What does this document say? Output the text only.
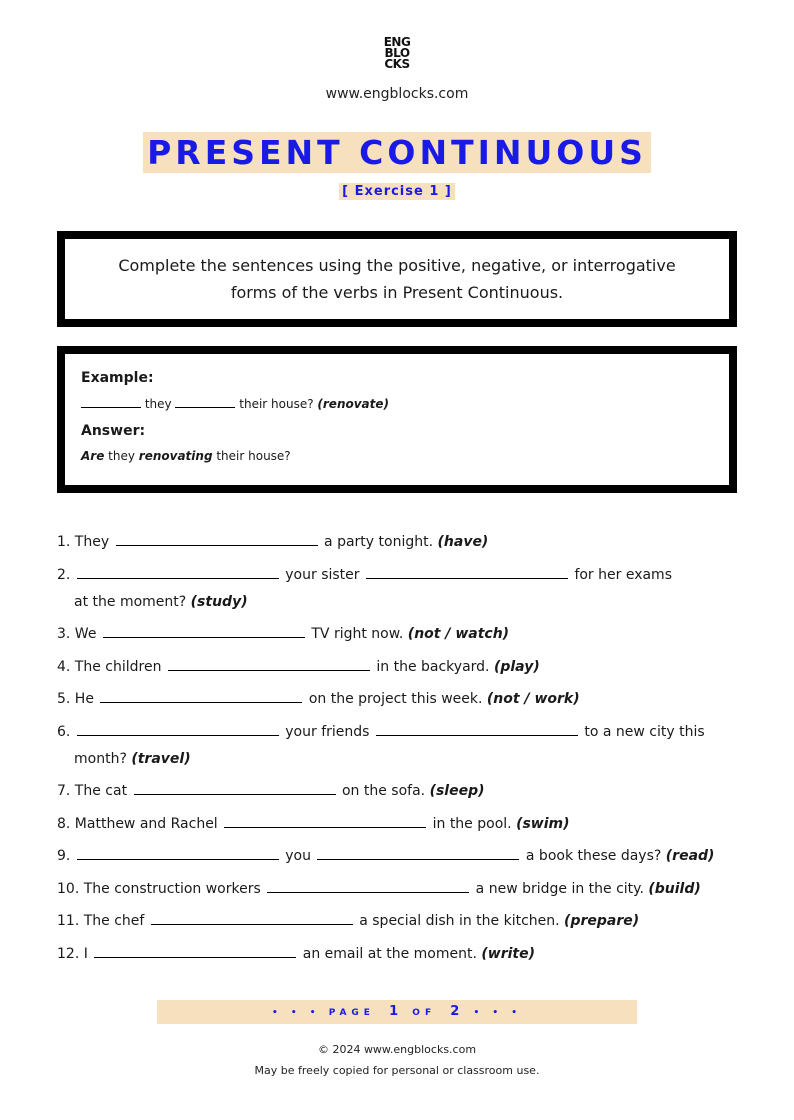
ENG
BLO
CKS
www.engblocks.com
PRESENT CONTINUOUS
[ Exercise 1 ]

Complete the sentences using the positive, negative, or interrogative forms of the verbs in Present Continuous.

Example:

they	their house? (renovate)

Answer:

Are they renovating their house?

1. They	a party tonight. (have)

2.	your sister	for her exams
at the moment? (study)

3. We	TV right now. (not / watch)

4. The children	in the backyard. (play)

5. He	on the project this week. (not / work)

6.	your friends	to a new city this
month? (travel)

7. The cat	on the sofa. (sleep)

8. Matthew and Rachel	in the pool. (swim)

9.	you	a book these days? (read)

10. The construction workers	a new bridge in the city. (build)

11. The chef	a special dish in the kitchen. (prepare)

12. I	an email at the moment. (write)

• • • PAGE 1 OF 2 • • •
© 2024 www.engblocks.com
May be freely copied for personal or classroom use.
